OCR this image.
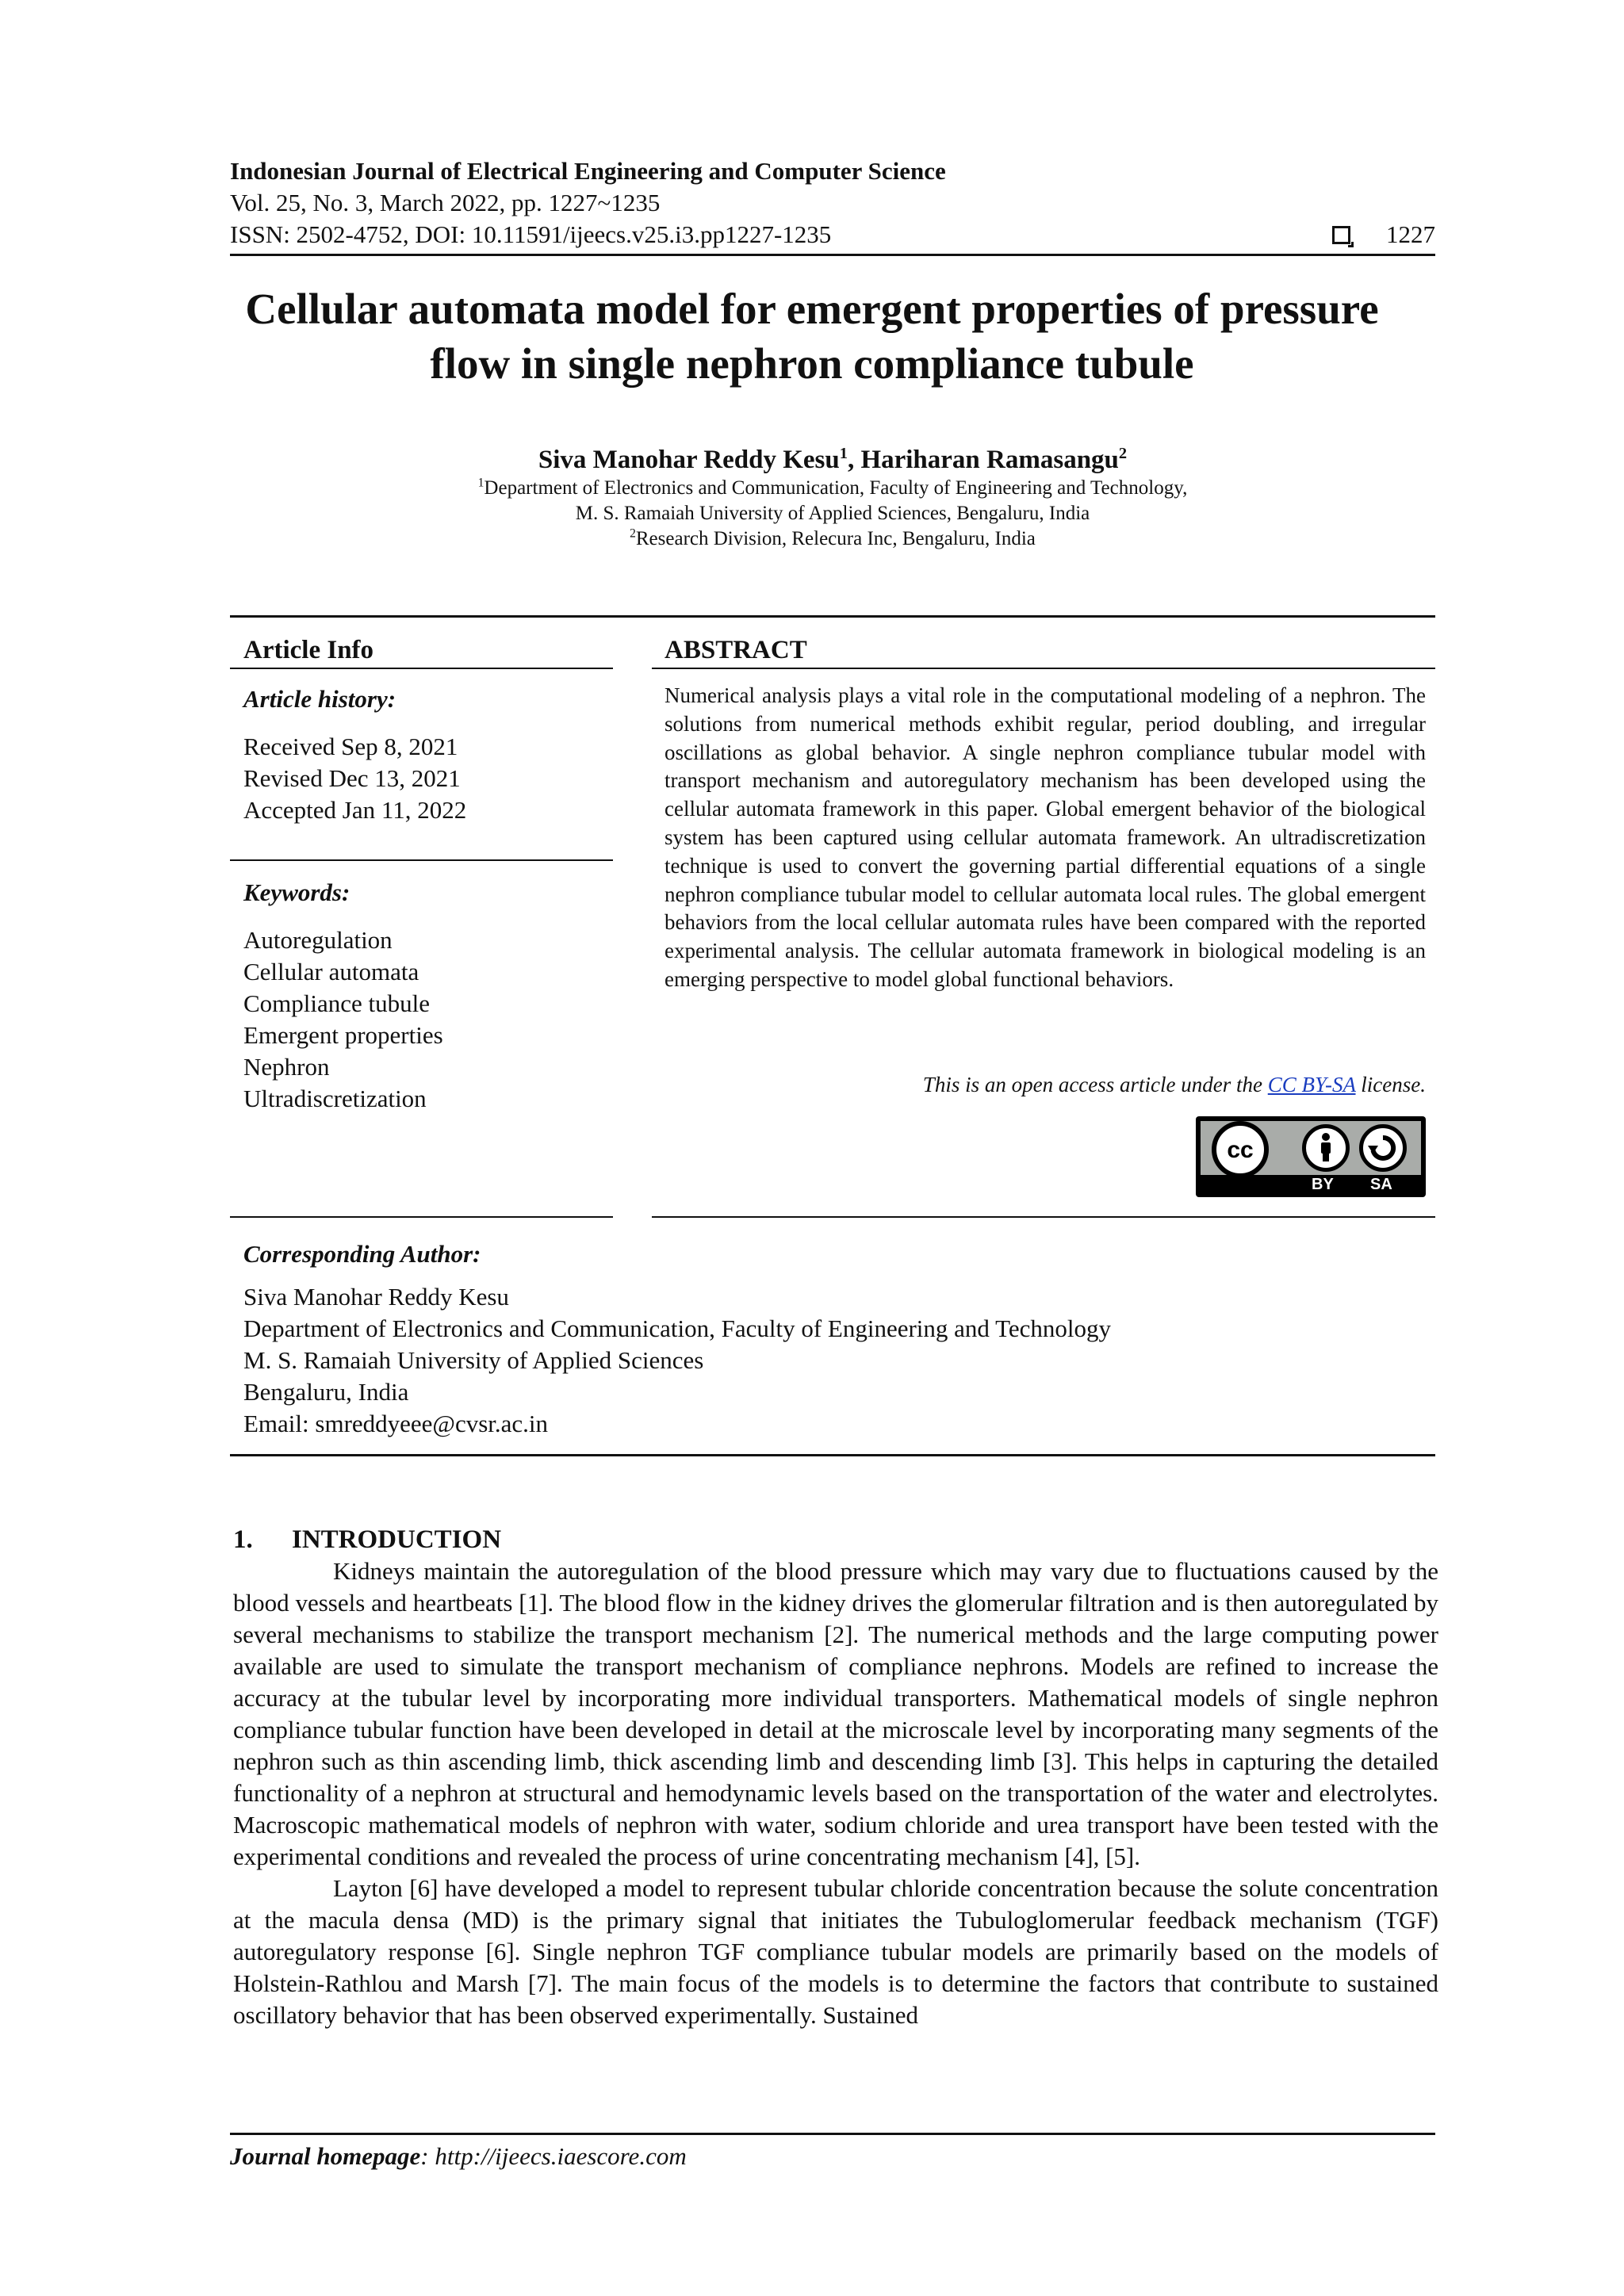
Indonesian Journal of Electrical Engineering and Computer Science
Vol. 25, No. 3, March 2022, pp. 1227~1235
ISSN: 2502-4752, DOI: 10.11591/ijeecs.v25.i3.pp1227-1235	1227
Cellular automata model for emergent properties of pressure
flow in single nephron compliance tubule
Siva Manohar Reddy Kesu$^1$, Hariharan Ramasangu$^2$
$^1$Department of Electronics and Communication, Faculty of Engineering and Technology,
M. S. Ramaiah University of Applied Sciences, Bengaluru, India
$^2$Research Division, Relecura Inc, Bengaluru, India
Article Info
Article history:
Received Sep 8, 2021
Revised Dec 13, 2021
Accepted Jan 11, 2022
Keywords:
Autoregulation
Cellular automata
Compliance tubule
Emergent properties
Nephron
Ultradiscretization
ABSTRACT
Numerical analysis plays a vital role in the computational modeling of a nephron. The solutions from numerical methods exhibit regular, period doubling, and irregular oscillations as global behavior. A single nephron compliance tubular model with transport mechanism and autoregulatory mechanism has been developed using the cellular automata framework in this paper. Global emergent behavior of the biological system has been captured using cellular automata framework. An ultradiscretization technique is used to convert the governing partial differential equations of a single nephron compliance tubular model to cellular automata local rules. The global emergent behaviors from the local cellular automata rules have been compared with the reported experimental analysis. The cellular automata framework in biological modeling is an emerging perspective to model global functional behaviors.
This is an open access article under the CC BY-SA license.
cc
BY SA
Corresponding Author:
Siva Manohar Reddy Kesu
Department of Electronics and Communication, Faculty of Engineering and Technology
M. S. Ramaiah University of Applied Sciences
Bengaluru, India
Email: smreddyeee@cvsr.ac.in
1. INTRODUCTION

Kidneys maintain the autoregulation of the blood pressure which may vary due to fluctuations caused by the blood vessels and heartbeats [1]. The blood flow in the kidney drives the glomerular filtration and is then autoregulated by several mechanisms to stabilize the transport mechanism [2]. The numerical methods and the large computing power available are used to simulate the transport mechanism of compliance nephrons. Models are refined to increase the accuracy at the tubular level by incorporating more individual transporters. Mathematical models of single nephron compliance tubular function have been developed in detail at the microscale level by incorporating many segments of the nephron such as thin ascending limb, thick ascending limb and descending limb [3]. This helps in capturing the detailed functionality of a nephron at structural and hemodynamic levels based on the transportation of the water and electrolytes. Macroscopic mathematical models of nephron with water, sodium chloride and urea transport have been tested with the experimental conditions and revealed the process of urine concentrating mechanism [4], [5].

Layton [6] have developed a model to represent tubular chloride concentration because the solute concentration at the macula densa (MD) is the primary signal that initiates the Tubuloglomerular feedback mechanism (TGF) autoregulatory response [6]. Single nephron TGF compliance tubular models are primarily based on the models of Holstein-Rathlou and Marsh [7]. The main focus of the models is to determine the factors that contribute to sustained oscillatory behavior that has been observed experimentally. Sustained

Journal homepage: http://ijeecs.iaescore.com
